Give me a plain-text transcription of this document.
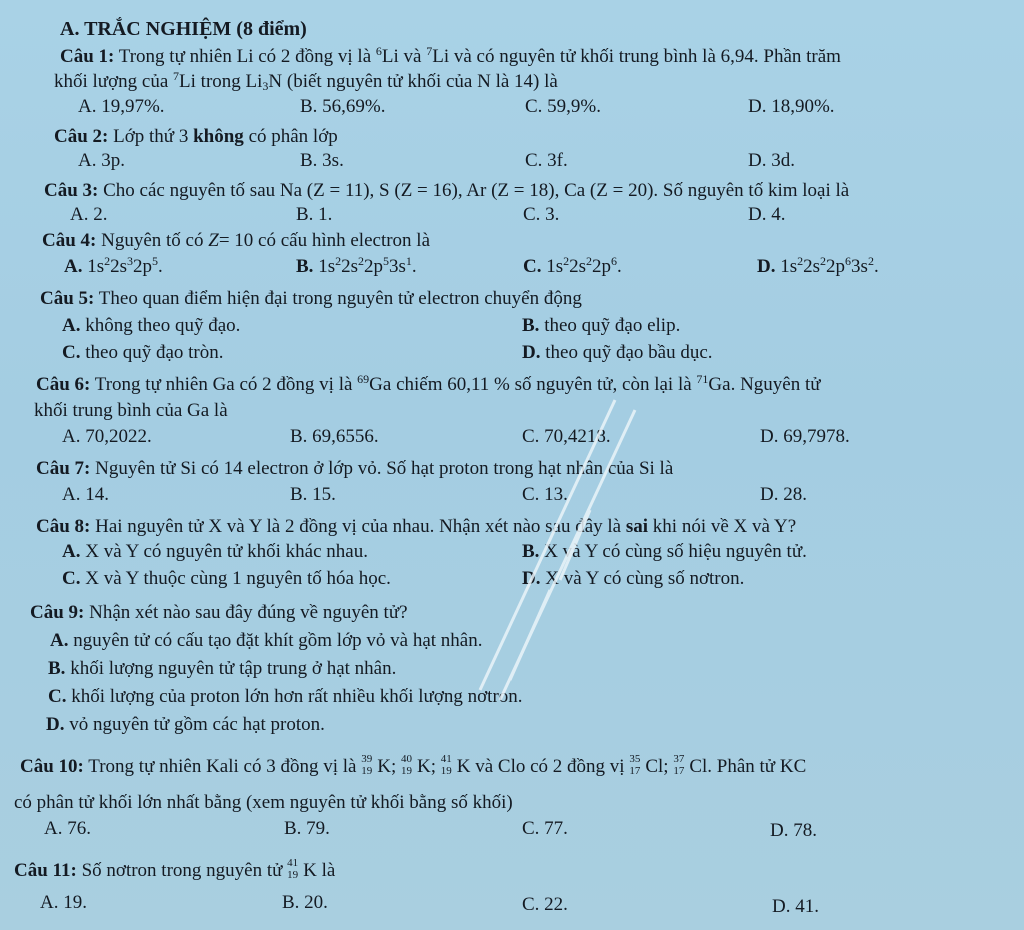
A. TRẮC NGHIỆM (8 điểm)
Câu 1: Trong tự nhiên Li có 2 đồng vị là $^6$Li và $^7$Li và có nguyên tử khối trung bình là 6,94. Phần trăm
khối lượng của $^7$Li trong $Li_3N$ (biết nguyên tử khối của N là 14) là
A. 19,97%.	B. 56,69%.	C. 59,9%.	D. 18,90%.
Câu 2: Lớp thứ 3 không có phân lớp
A. 3p.	B. 3s.	C. 3f.	D. 3d.
Câu 3: Cho các nguyên tố sau Na (Z = 11), S (Z = 16), Ar (Z = 18), Ca (Z = 20). Số nguyên tố kim loại là
A. 2.	B. 1.	C. 3.	D. 4.
Câu 4: Nguyên tố có Z= 10 có cấu hình electron là
A. $1s^22s^32p^5$.	B. $1s^22s^22p^53s^1$.	C. $1s^22s^22p^6$.	D. $1s^22s^22p^63s^2$.
Câu 5: Theo quan điểm hiện đại trong nguyên tử electron chuyển động
A. không theo quỹ đạo.	B. theo quỹ đạo elip.
C. theo quỹ đạo tròn.	D. theo quỹ đạo bầu dục.
Câu 6: Trong tự nhiên Ga có 2 đồng vị là $^{69}$Ga chiếm 60,11 % số nguyên tử, còn lại là $^{71}$Ga. Nguyên tử
khối trung bình của Ga là
A. 70,2022.	B. 69,6556.	C. 70,4218.	D. 69,7978.
Câu 7: Nguyên tử Si có 14 electron ở lớp vỏ. Số hạt proton trong hạt nhân của Si là
A. 14.	B. 15.	C. 13.	D. 28.
Câu 8: Hai nguyên tử X và Y là 2 đồng vị của nhau. Nhận xét nào sau đây là sai khi nói về X và Y?
A. X và Y có nguyên tử khối khác nhau.	B. X và Y có cùng số hiệu nguyên tử.
C. X và Y thuộc cùng 1 nguyên tố hóa học.	D. X và Y có cùng số nơtron.
Câu 9: Nhận xét nào sau đây đúng về nguyên tử?
A. nguyên tử có cấu tạo đặt khít gồm lớp vỏ và hạt nhân.
B. khối lượng nguyên tử tập trung ở hạt nhân.
C. khối lượng của proton lớn hơn rất nhiều khối lượng nơtron.
D. vỏ nguyên tử gồm các hạt proton.
Câu 10: Trong tự nhiên Kali có 3 đồng vị là 39
19 K; 40
19 K; 41
19 K và Clo có 2 đồng vị 35
17 Cl; 37
17 Cl. Phân tử KC
có phân tử khối lớn nhất bằng (xem nguyên tử khối bằng số khối)
A. 76.	B. 79.	C. 77.	D. 78.
Câu 11: Số nơtron trong nguyên tử 41
19 K là
A. 19.	B. 20.	C. 22.	D. 41.
